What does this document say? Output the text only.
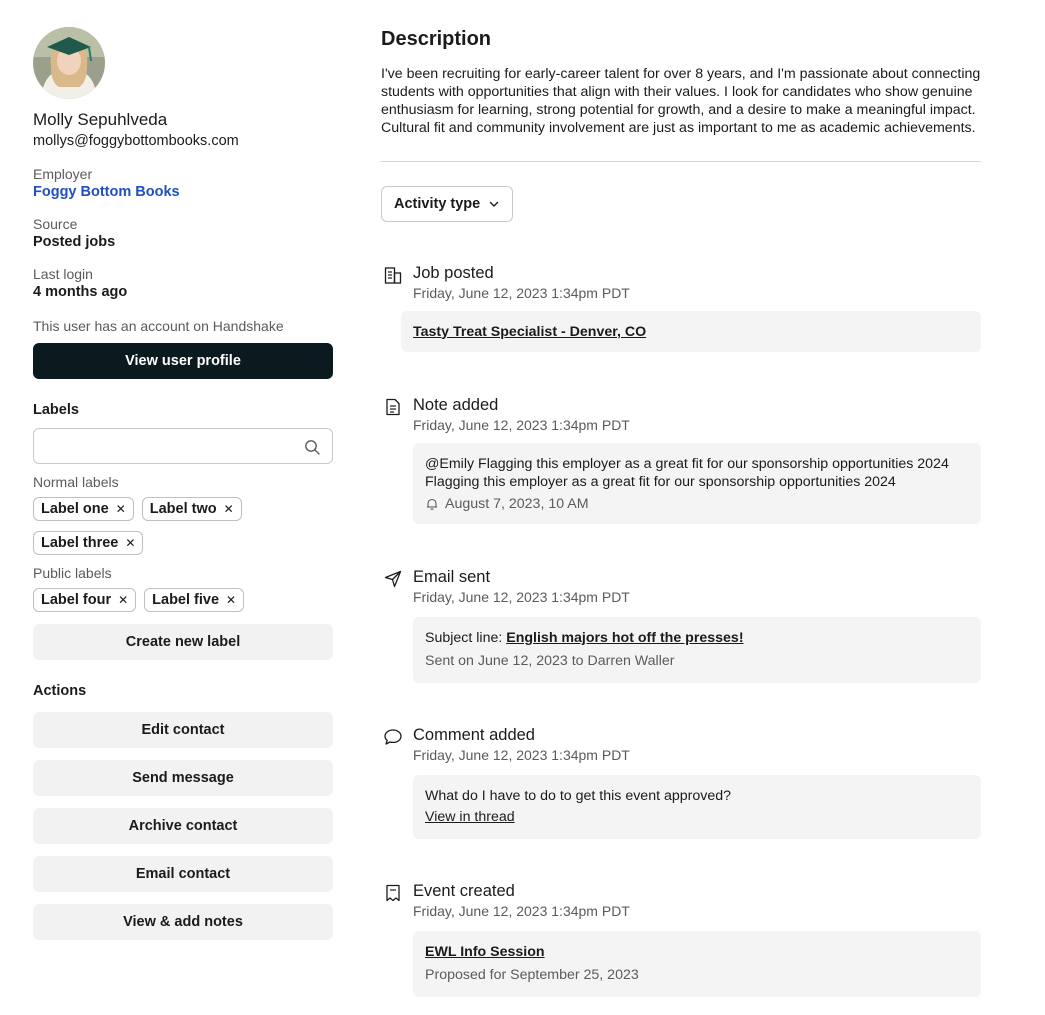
Molly Sepuhlveda
mollys@foggybottombooks.com
Employer
Foggy Bottom Books
Source
Posted jobs
Last login
4 months ago
This user has an account on Handshake
View user profile
Labels
Normal labels
Label one ✕ Label two ✕
Label three ✕
Public labels
Label four ✕ Label five ✕
Create new label
Actions
Edit contact
Send message
Archive contact
Email contact
View & add notes
Description
I've been recruiting for early-career talent for over 8 years, and I'm passionate about connecting students with opportunities that align with their values. I look for candidates who show genuine enthusiasm for learning, strong potential for growth, and a desire to make a meaningful impact. Cultural fit and community involvement are just as important to me as academic achievements.
Activity type
Job posted
Friday, June 12, 2023 1:34pm PDT
Tasty Treat Specialist - Denver, CO
Note added
Friday, June 12, 2023 1:34pm PDT
@Emily Flagging this employer as a great fit for our sponsorship opportunities 2024 Flagging this employer as a great fit for our sponsorship opportunities 2024
August 7, 2023, 10 AM
Email sent
Friday, June 12, 2023 1:34pm PDT
Subject line: English majors hot off the presses!
Sent on June 12, 2023 to Darren Waller
Comment added
Friday, June 12, 2023 1:34pm PDT
What do I have to do to get this event approved?
View in thread
Event created
Friday, June 12, 2023 1:34pm PDT
EWL Info Session
Proposed for September 25, 2023
